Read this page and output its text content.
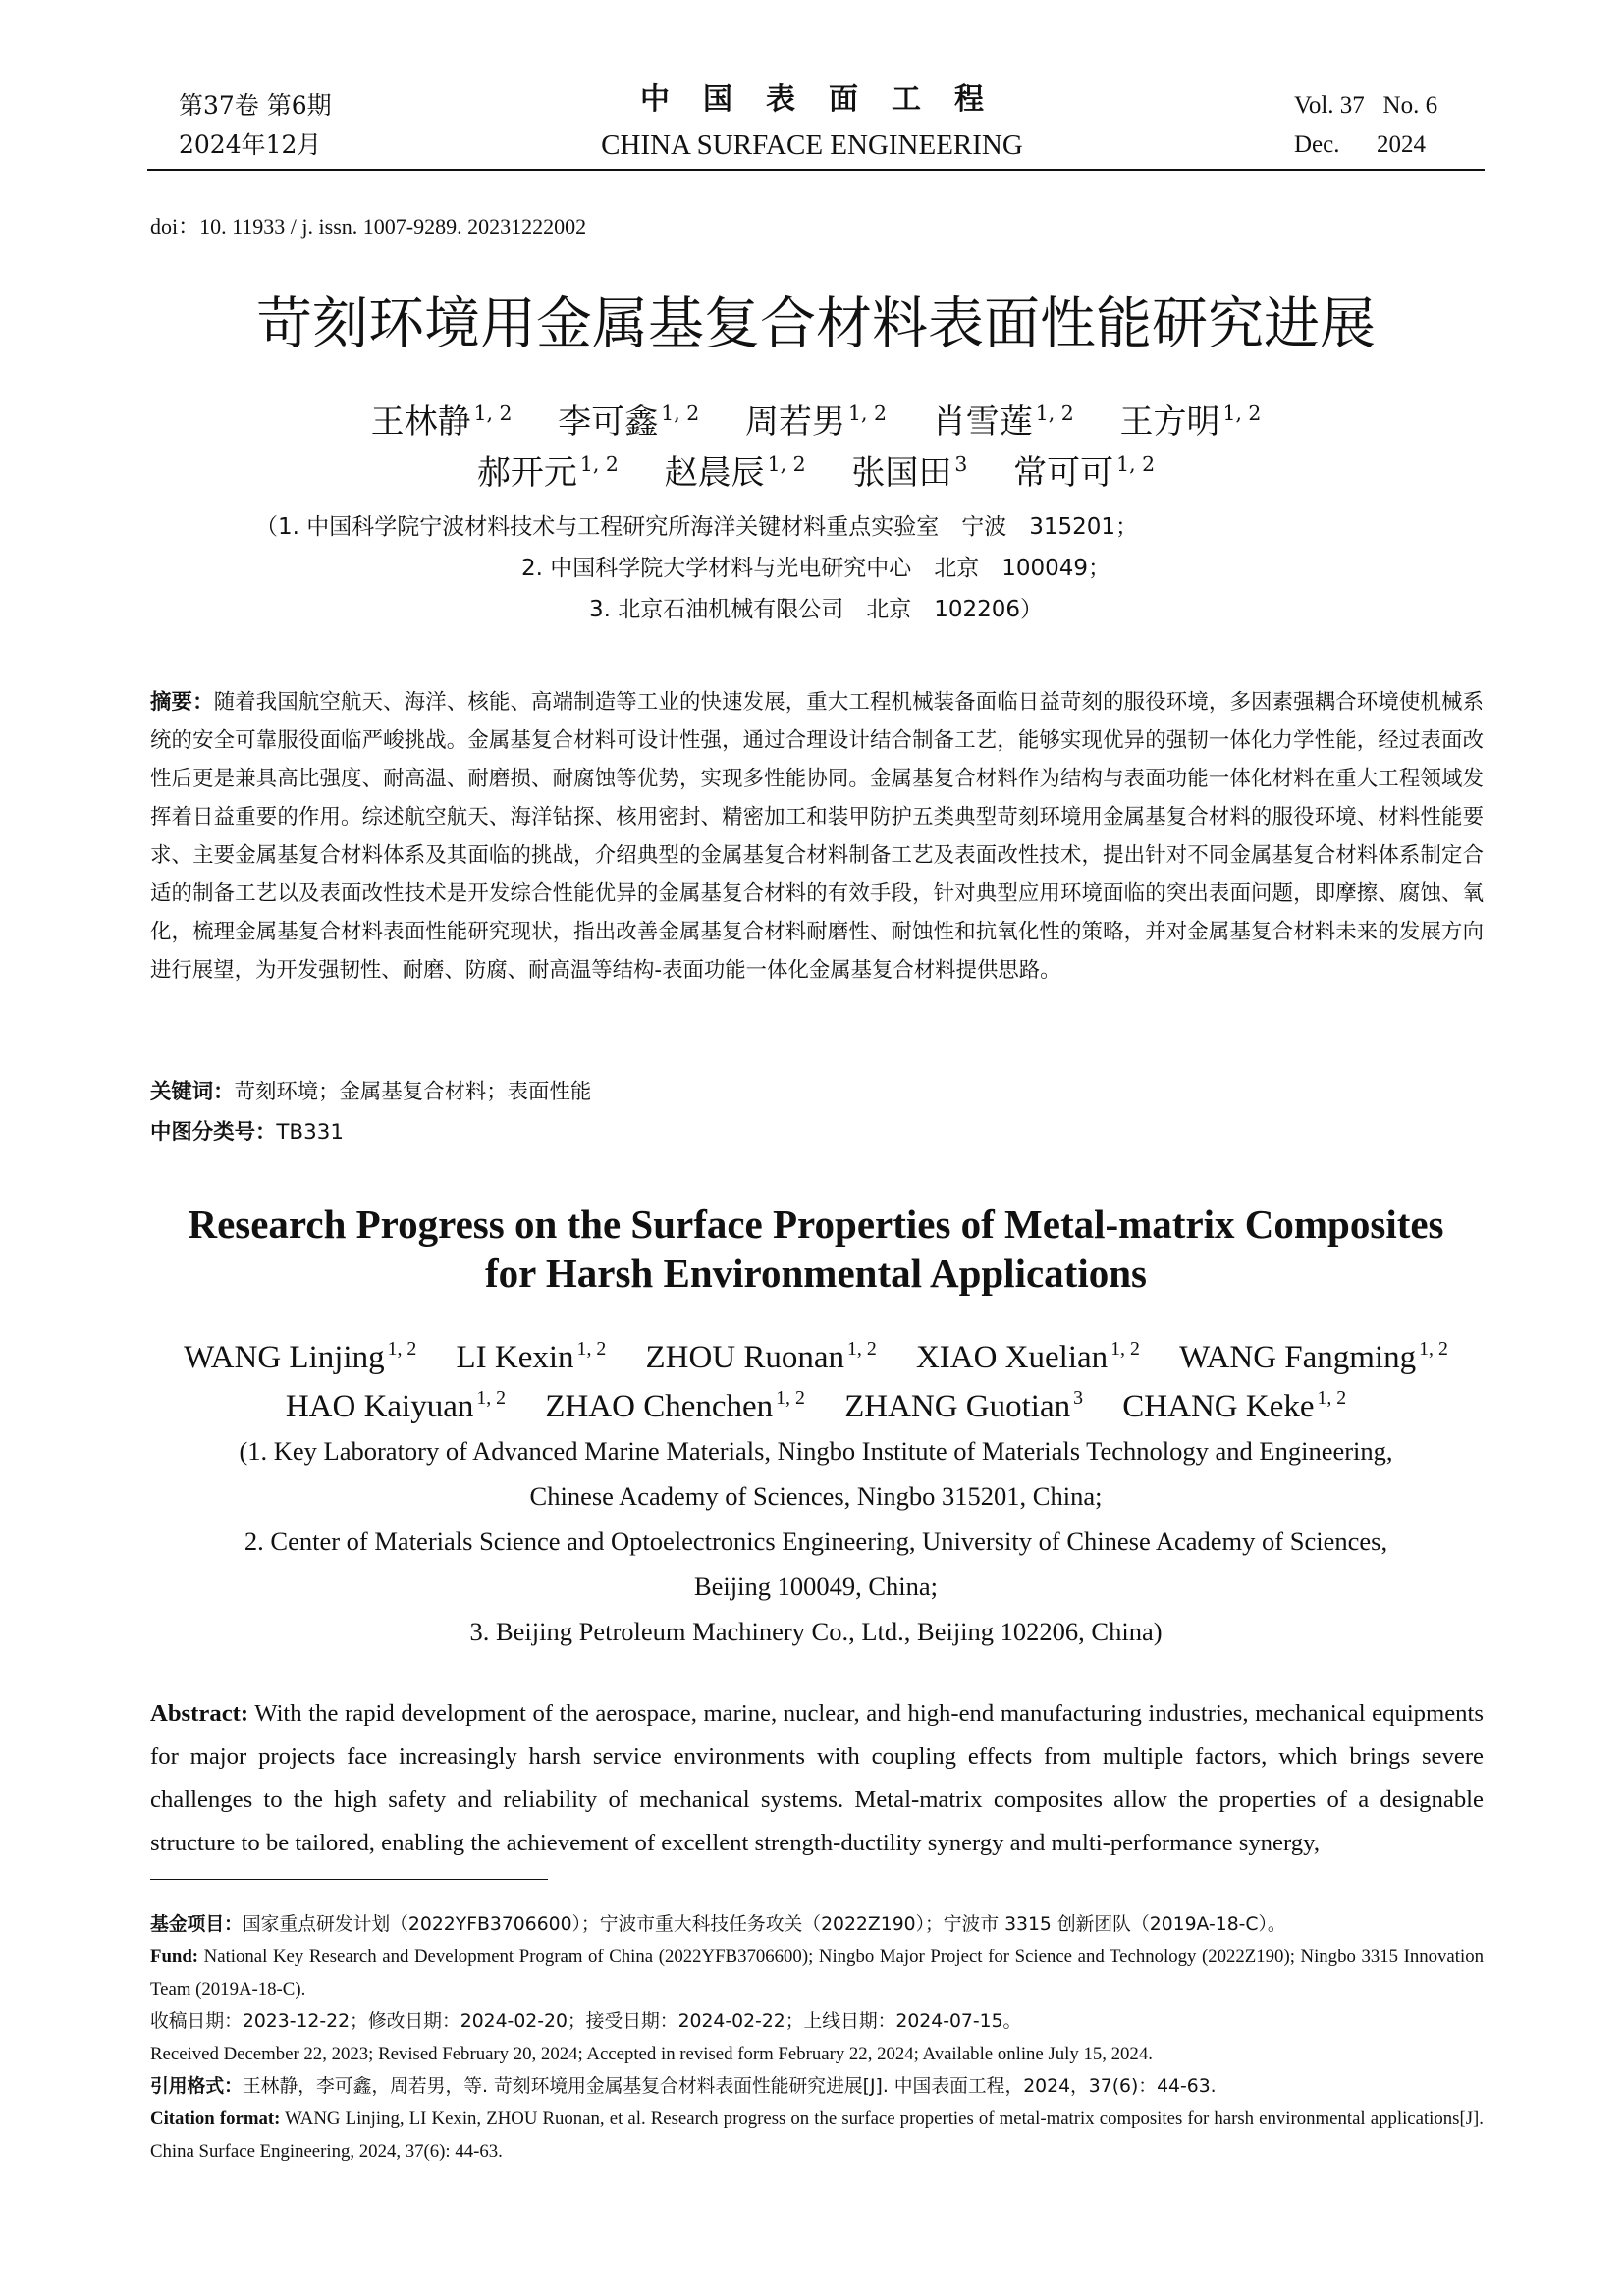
第37卷 第6期
2024年12月
中国表面工程
CHINA SURFACE ENGINEERING
Vol. 37 No. 6
Dec. 2024
doi：10. 11933 / j. issn. 1007-9289. 20231222002
苛刻环境用金属基复合材料表面性能研究进展
王林静 $^{1, 2}$ 李可鑫 $^{1, 2}$ 周若男 $^{1, 2}$ 肖雪莲 $^{1, 2}$ 王方明 $^{1, 2}$
郝开元 $^{1, 2}$ 赵晨辰 $^{1, 2}$ 张国田 $^3$ 常可可 $^{1, 2}$
（1. 中国科学院宁波材料技术与工程研究所海洋关键材料重点实验室　宁波　315201；
2. 中国科学院大学材料与光电研究中心　北京　100049；
3. 北京石油机械有限公司　北京　102206）
摘要：随着我国航空航天、海洋、核能、高端制造等工业的快速发展，重大工程机械装备面临日益苛刻的服役环境，多因素强耦合环境使机械系统的安全可靠服役面临严峻挑战。金属基复合材料可设计性强，通过合理设计结合制备工艺，能够实现优异的强韧一体化力学性能，经过表面改性后更是兼具高比强度、耐高温、耐磨损、耐腐蚀等优势，实现多性能协同。金属基复合材料作为结构与表面功能一体化材料在重大工程领域发挥着日益重要的作用。综述航空航天、海洋钻探、核用密封、精密加工和装甲防护五类典型苛刻环境用金属基复合材料的服役环境、材料性能要求、主要金属基复合材料体系及其面临的挑战，介绍典型的金属基复合材料制备工艺及表面改性技术，提出针对不同金属基复合材料体系制定合适的制备工艺以及表面改性技术是开发综合性能优异的金属基复合材料的有效手段，针对典型应用环境面临的突出表面问题，即摩擦、腐蚀、氧化，梳理金属基复合材料表面性能研究现状，指出改善金属基复合材料耐磨性、耐蚀性和抗氧化性的策略，并对金属基复合材料未来的发展方向进行展望，为开发强韧性、耐磨、防腐、耐高温等结构-表面功能一体化金属基复合材料提供思路。
关键词：苛刻环境；金属基复合材料；表面性能
中图分类号：TB331
Research Progress on the Surface Properties of Metal-matrix Composites
for Harsh Environmental Applications
WANG Linjing $^{1, 2}$ LI Kexin $^{1, 2}$ ZHOU Ruonan $^{1, 2}$ XIAO Xuelian $^{1, 2}$ WANG Fangming $^{1, 2}$
HAO Kaiyuan $^{1, 2}$ ZHAO Chenchen $^{1, 2}$ ZHANG Guotian $^3$ CHANG Keke $^{1, 2}$
(1. Key Laboratory of Advanced Marine Materials, Ningbo Institute of Materials Technology and Engineering,
Chinese Academy of Sciences, Ningbo 315201, China;
2. Center of Materials Science and Optoelectronics Engineering, University of Chinese Academy of Sciences,
Beijing 100049, China;
3. Beijing Petroleum Machinery Co., Ltd., Beijing 102206, China)
Abstract: With the rapid development of the aerospace, marine, nuclear, and high-end manufacturing industries, mechanical equipments for major projects face increasingly harsh service environments with coupling effects from multiple factors, which brings severe challenges to the high safety and reliability of mechanical systems. Metal-matrix composites allow the properties of a designable structure to be tailored, enabling the achievement of excellent strength-ductility synergy and multi-performance synergy,
基金项目：国家重点研发计划（2022YFB3706600）；宁波市重大科技任务攻关（2022Z190）；宁波市 3315 创新团队（2019A-18-C）。
Fund: National Key Research and Development Program of China (2022YFB3706600); Ningbo Major Project for Science and Technology (2022Z190); Ningbo 3315 Innovation Team (2019A-18-C).
收稿日期：2023-12-22；修改日期：2024-02-20；接受日期：2024-02-22；上线日期：2024-07-15。
Received December 22, 2023; Revised February 20, 2024; Accepted in revised form February 22, 2024; Available online July 15, 2024.
引用格式：王林静，李可鑫，周若男，等. 苛刻环境用金属基复合材料表面性能研究进展[J]. 中国表面工程，2024，37(6)：44-63.
Citation format: WANG Linjing, LI Kexin, ZHOU Ruonan, et al. Research progress on the surface properties of metal-matrix composites for harsh environmental applications[J]. China Surface Engineering, 2024, 37(6): 44-63.
